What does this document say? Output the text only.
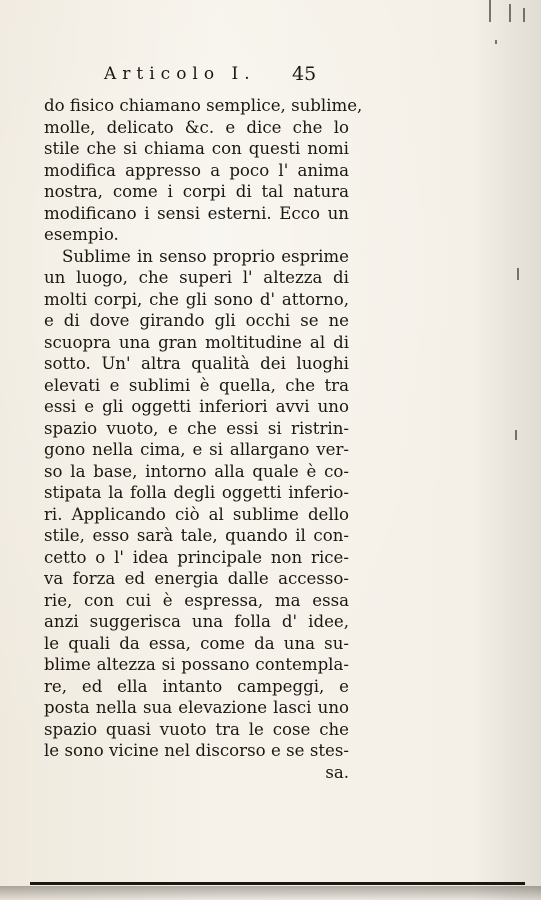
Articolo I. 45
do fisico chiamano semplice, sublime,
molle, delicato &c. e dice che lo
stile che si chiama con questi nomi
modifica appresso a poco l' anima
nostra, come i corpi di tal natura
modificano i sensi esterni. Ecco un
esempio.
Sublime in senso proprio esprime
un luogo, che superi l' altezza di
molti corpi, che gli sono d' attorno,
e di dove girando gli occhi se ne
scuopra una gran moltitudine al di
sotto. Un' altra qualità dei luoghi
elevati e sublimi è quella, che tra
essi e gli oggetti inferiori avvi uno
spazio vuoto, e che essi si ristrin-
gono nella cima, e si allargano ver-
so la base, intorno alla quale è co-
stipata la folla degli oggetti inferio-
ri. Applicando ciò al sublime dello
stile, esso sarà tale, quando il con-
cetto o l' idea principale non rice-
va forza ed energia dalle accesso-
rie, con cui è espressa, ma essa
anzi suggerisca una folla d' idee,
le quali da essa, come da una su-
blime altezza si possano contempla-
re, ed ella intanto campeggi, e
posta nella sua elevazione lasci uno
spazio quasi vuoto tra le cose che
le sono vicine nel discorso e se stes-
sa.
